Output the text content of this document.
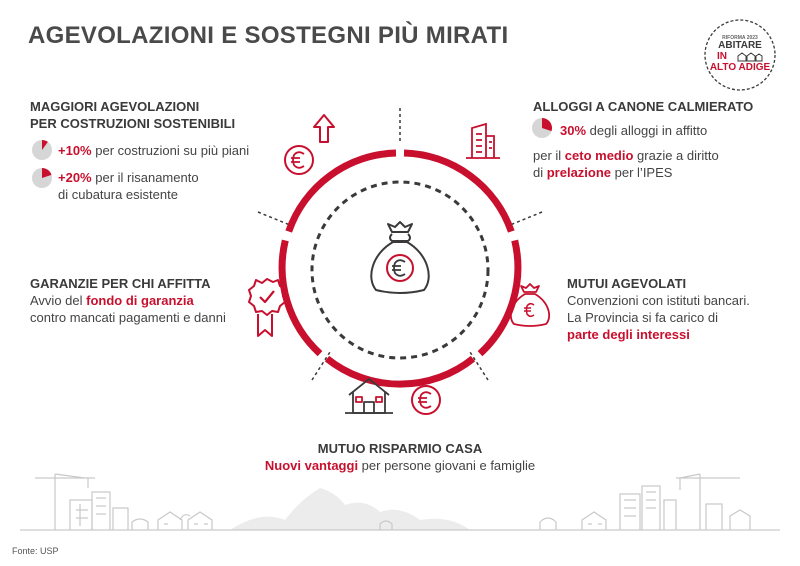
AGEVOLAZIONI E SOSTEGNI PIÙ MIRATI	RIFORMA 2023
ABITARE
IN
ALTO ADIGE
MAGGIORI AGEVOLAZIONI
PER COSTRUZIONI SOSTENIBILI
+10% per costruzioni su più piani
+20% per il risanamento
di cubatura esistente
ALLOGGI A CANONE CALMIERATO
30% degli alloggi in affitto
per il ceto medio grazie a diritto
di prelazione per l’IPES
GARANZIE PER CHI AFFITTA
Avvio del fondo di garanzia
contro mancati pagamenti e danni
MUTUI AGEVOLATI
Convenzioni con istituti bancari.
La Provincia si fa carico di
parte degli interessi
MUTUO RISPARMIO CASA
Nuovi vantaggi per persone giovani e famiglie
Fonte: USP
